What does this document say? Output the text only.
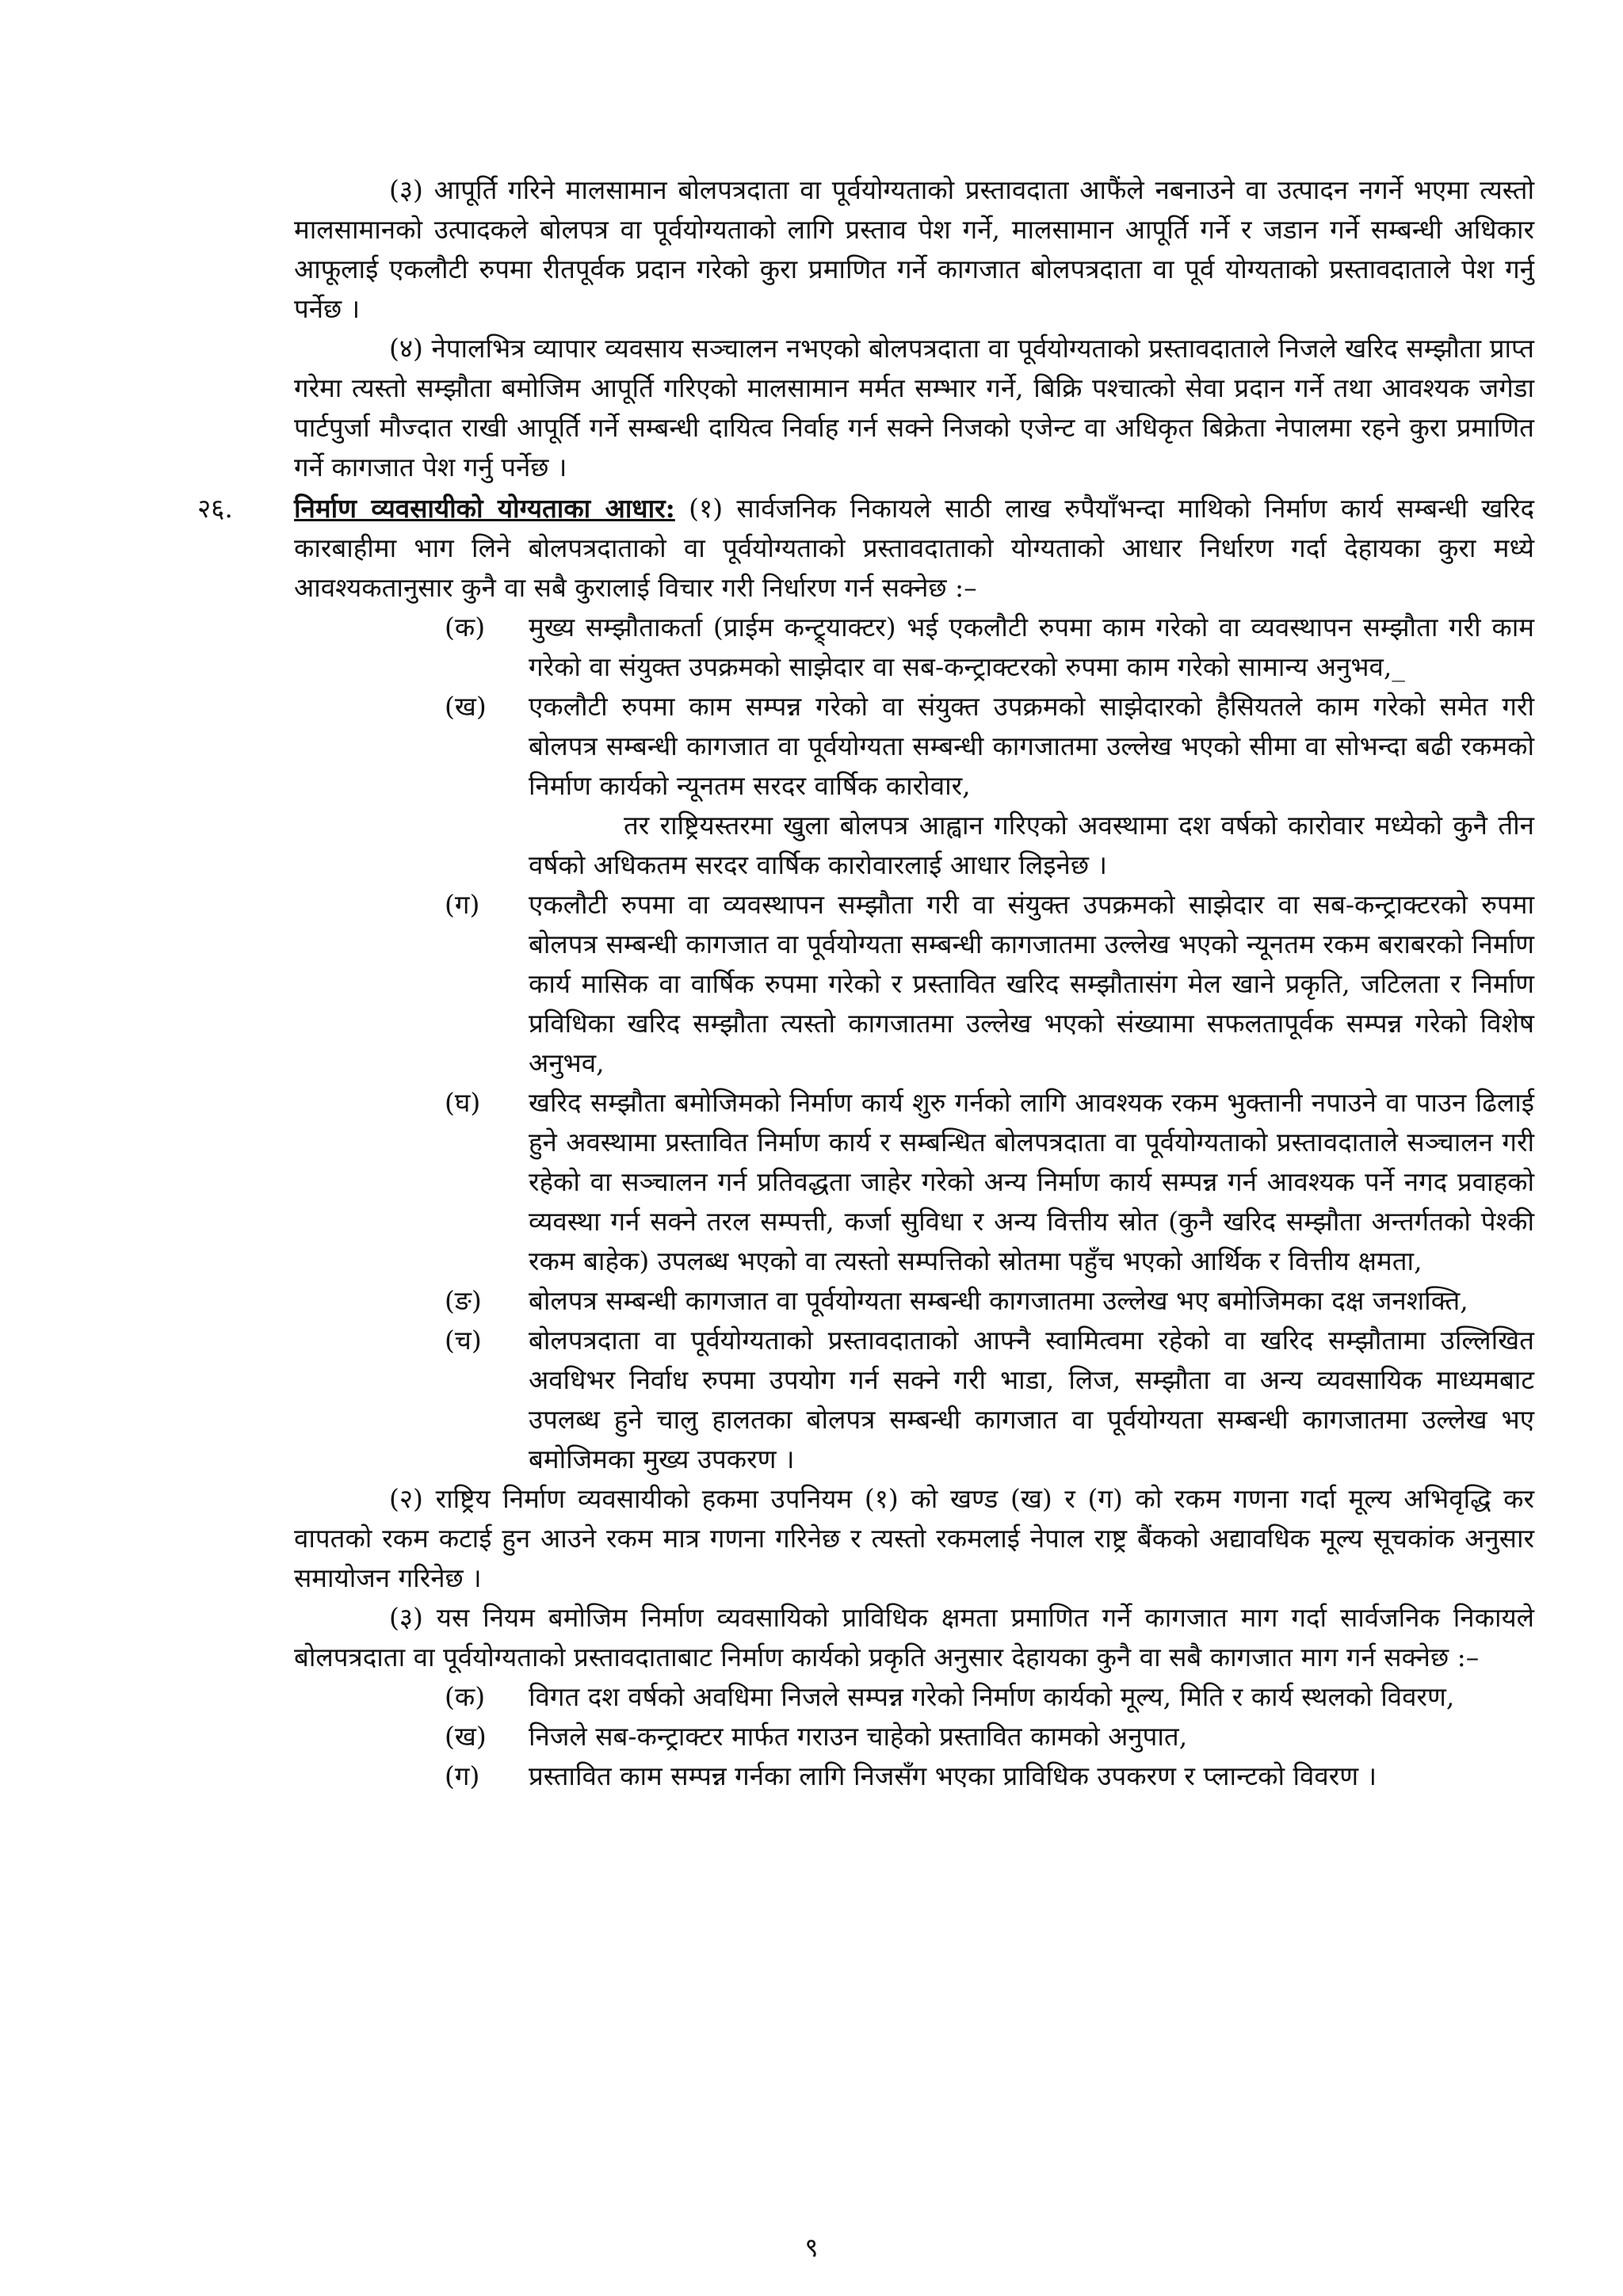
(३) आपूर्ति गरिने मालसामान बोलपत्रदाता वा पूर्वयोग्यताको प्रस्तावदाता आफैंले नबनाउने वा उत्पादन नगर्ने भएमा त्यस्तो मालसामानको उत्पादकले बोलपत्र वा पूर्वयोग्यताको लागि प्रस्ताव पेश गर्ने, मालसामान आपूर्ति गर्ने र जडान गर्ने सम्बन्धी अधिकार आफूलाई एकलौटी रुपमा रीतपूर्वक प्रदान गरेको कुरा प्रमाणित गर्ने कागजात बोलपत्रदाता वा पूर्व योग्यताको प्रस्तावदाताले पेश गर्नु पर्नेछ ।

(४) नेपालभित्र व्यापार व्यवसाय सञ्चालन नभएको बोलपत्रदाता वा पूर्वयोग्यताको प्रस्तावदाताले निजले खरिद सम्झौता प्राप्त गरेमा त्यस्तो सम्झौता बमोजिम आपूर्ति गरिएको मालसामान मर्मत सम्भार गर्ने, बिक्रि पश्चात्को सेवा प्रदान गर्ने तथा आवश्यक जगेडा पार्टपुर्जा मौज्दात राखी आपूर्ति गर्ने सम्बन्धी दायित्व निर्वाह गर्न सक्ने निजको एजेन्ट वा अधिकृत बिक्रेता नेपालमा रहने कुरा प्रमाणित गर्ने कागजात पेश गर्नु पर्नेछ ।

२६. निर्माण व्यवसायीको योग्यताका आधार: (१) सार्वजनिक निकायले साठी लाख रुपैयाँभन्दा माथिको निर्माण कार्य सम्बन्धी खरिद कारबाहीमा भाग लिने बोलपत्रदाताको वा पूर्वयोग्यताको प्रस्तावदाताको योग्यताको आधार निर्धारण गर्दा देहायका कुरा मध्ये आवश्यकतानुसार कुनै वा सबै कुरालाई विचार गरी निर्धारण गर्न सक्नेछ :–

(क) मुख्य सम्झौताकर्ता (प्राईम कन्ट्र्याक्टर) भई एकलौटी रुपमा काम गरेको वा व्यवस्थापन सम्झौता गरी काम गरेको वा संयुक्त उपक्रमको साझेदार वा सब-कन्ट्राक्टरको रुपमा काम गरेको सामान्य अनुभव,_
(ख) एकलौटी रुपमा काम सम्पन्न गरेको वा संयुक्त उपक्रमको साझेदारको हैसियतले काम गरेको समेत गरी बोलपत्र सम्बन्धी कागजात वा पूर्वयोग्यता सम्बन्धी कागजातमा उल्लेख भएको सीमा वा सोभन्दा बढी रकमको निर्माण कार्यको न्यूनतम सरदर वार्षिक कारोवार,
तर राष्ट्रियस्तरमा खुला बोलपत्र आह्वान गरिएको अवस्थामा दश वर्षको कारोवार मध्येको कुनै तीन वर्षको अधिकतम सरदर वार्षिक कारोवारलाई आधार लिइनेछ ।
(ग) एकलौटी रुपमा वा व्यवस्थापन सम्झौता गरी वा संयुक्त उपक्रमको साझेदार वा सब-कन्ट्राक्टरको रुपमा बोलपत्र सम्बन्धी कागजात वा पूर्वयोग्यता सम्बन्धी कागजातमा उल्लेख भएको न्यूनतम रकम बराबरको निर्माण कार्य मासिक वा वार्षिक रुपमा गरेको र प्रस्तावित खरिद सम्झौतासंग मेल खाने प्रकृति, जटिलता र निर्माण प्रविधिका खरिद सम्झौता त्यस्तो कागजातमा उल्लेख भएको संख्यामा सफलतापूर्वक सम्पन्न गरेको विशेष अनुभव,
(घ) खरिद सम्झौता बमोजिमको निर्माण कार्य शुरु गर्नको लागि आवश्यक रकम भुक्तानी नपाउने वा पाउन ढिलाई हुने अवस्थामा प्रस्तावित निर्माण कार्य र सम्बन्धित बोलपत्रदाता वा पूर्वयोग्यताको प्रस्तावदाताले सञ्चालन गरी रहेको वा सञ्चालन गर्न प्रतिवद्धता जाहेर गरेको अन्य निर्माण कार्य सम्पन्न गर्न आवश्यक पर्ने नगद प्रवाहको व्यवस्था गर्न सक्ने तरल सम्पत्ती, कर्जा सुविधा र अन्य वित्तीय स्रोत (कुनै खरिद सम्झौता अन्तर्गतको पेश्की रकम बाहेक) उपलब्ध भएको वा त्यस्तो सम्पत्तिको स्रोतमा पहुँच भएको आर्थिक र वित्तीय क्षमता,
(ङ) बोलपत्र सम्बन्धी कागजात वा पूर्वयोग्यता सम्बन्धी कागजातमा उल्लेख भए बमोजिमका दक्ष जनशक्ति,
(च) बोलपत्रदाता वा पूर्वयोग्यताको प्रस्तावदाताको आफ्नै स्वामित्वमा रहेको वा खरिद सम्झौतामा उल्लिखित अवधिभर निर्वाध रुपमा उपयोग गर्न सक्ने गरी भाडा, लिज, सम्झौता वा अन्य व्यवसायिक माध्यमबाट उपलब्ध हुने चालु हालतका बोलपत्र सम्बन्धी कागजात वा पूर्वयोग्यता सम्बन्धी कागजातमा उल्लेख भए बमोजिमका मुख्य उपकरण ।

(२) राष्ट्रिय निर्माण व्यवसायीको हकमा उपनियम (१) को खण्ड (ख) र (ग) को रकम गणना गर्दा मूल्य अभिवृद्धि कर वापतको रकम कटाई हुन आउने रकम मात्र गणना गरिनेछ र त्यस्तो रकमलाई नेपाल राष्ट्र बैंकको अद्यावधिक मूल्य सूचकांक अनुसार समायोजन गरिनेछ ।

(३) यस नियम बमोजिम निर्माण व्यवसायिको प्राविधिक क्षमता प्रमाणित गर्ने कागजात माग गर्दा सार्वजनिक निकायले बोलपत्रदाता वा पूर्वयोग्यताको प्रस्तावदाताबाट निर्माण कार्यको प्रकृति अनुसार देहायका कुनै वा सबै कागजात माग गर्न सक्नेछ :–

(क) विगत दश वर्षको अवधिमा निजले सम्पन्न गरेको निर्माण कार्यको मूल्य, मिति र कार्य स्थलको विवरण,
(ख) निजले सब-कन्ट्राक्टर मार्फत गराउन चाहेको प्रस्तावित कामको अनुपात,
(ग) प्रस्तावित काम सम्पन्न गर्नका लागि निजसँग भएका प्राविधिक उपकरण र प्लान्टको विवरण ।
९
